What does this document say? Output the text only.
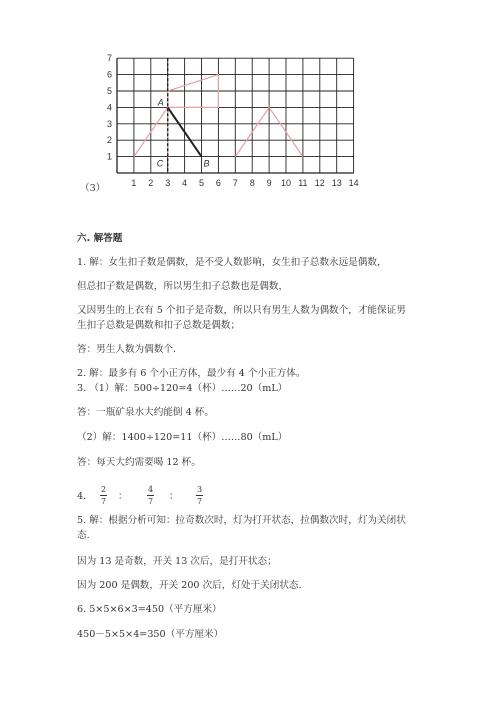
1 2 3 4 5 6 7 8 9 10 11 12 13 14
1
2
3
4
5
6
7
A
B
C
（3）
六. 解答题
1. 解：女生扣子数是偶数，是不受人数影响，女生扣子总数永远是偶数，
但总扣子数是偶数，所以男生扣子总数也是偶数，
又因男生的上衣有 5 个扣子是奇数，所以只有男生人数为偶数个，才能保证男
生扣子总数是偶数和扣子总数是偶数；
答：男生人数为偶数个.
2. 解：最多有 6 个小正方体，最少有 4 个小正方体。
3. （1）解：500÷120=4（杯）……20（mL）
答：一瓶矿泉水大约能倒 4 杯。
（2）解：1400÷120=11（杯）……80（mL）
答：每天大约需要喝 12 杯。
4.
2
7 ：
4
7 ：
3
7
5. 解：根据分析可知：拉奇数次时，灯为打开状态，拉偶数次时，灯为关闭状
态.
因为 13 是奇数，开关 13 次后，是打开状态；
因为 200 是偶数，开关 200 次后，灯处于关闭状态.
6. 5×5×6×3=450（平方厘米）
450－5×5×4=350（平方厘米）
